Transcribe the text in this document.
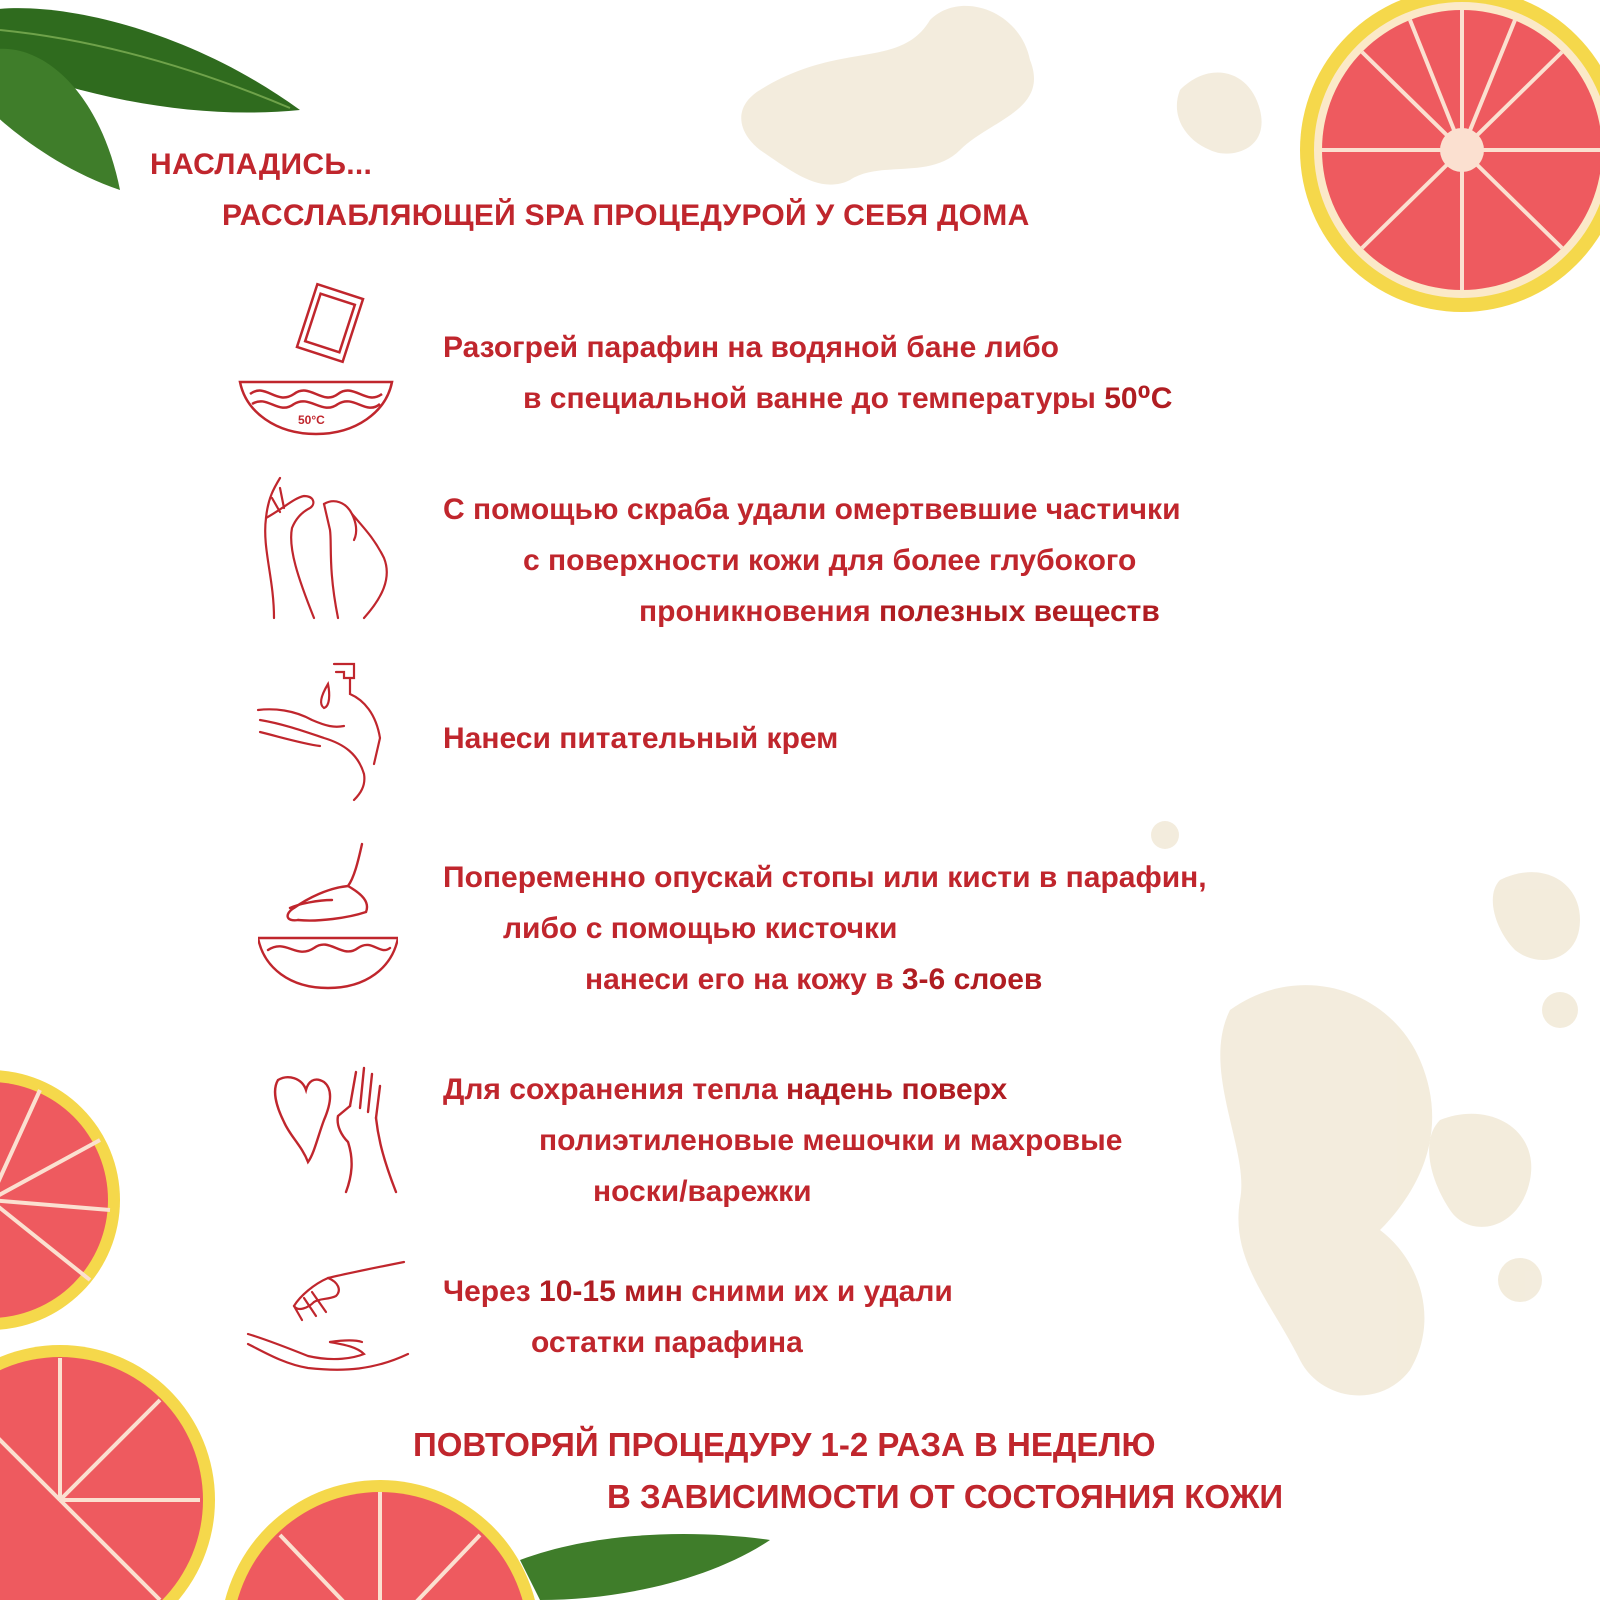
НАСЛАДИСЬ...
РАССЛАБЛЯЮЩЕЙ SPA ПРОЦЕДУРОЙ У СЕБЯ ДОМА
50°C
Разогрей парафин на водяной бане либо
в специальной ванне до температуры 50⁰С
С помощью скраба удали омертвевшие частички
с поверхности кожи для более глубокого
проникновения полезных веществ
Нанеси питательный крем
Попеременно опускай стопы или кисти в парафин,
либо с помощью кисточки
нанеси его на кожу в 3-6 слоев
Для сохранения тепла надень поверх
полиэтиленовые мешочки и махровые
носки/варежки
Через 10-15 мин сними их и удали
остатки парафина
ПОВТОРЯЙ ПРОЦЕДУРУ 1-2 РАЗА В НЕДЕЛЮ
В ЗАВИСИМОСТИ ОТ СОСТОЯНИЯ КОЖИ
